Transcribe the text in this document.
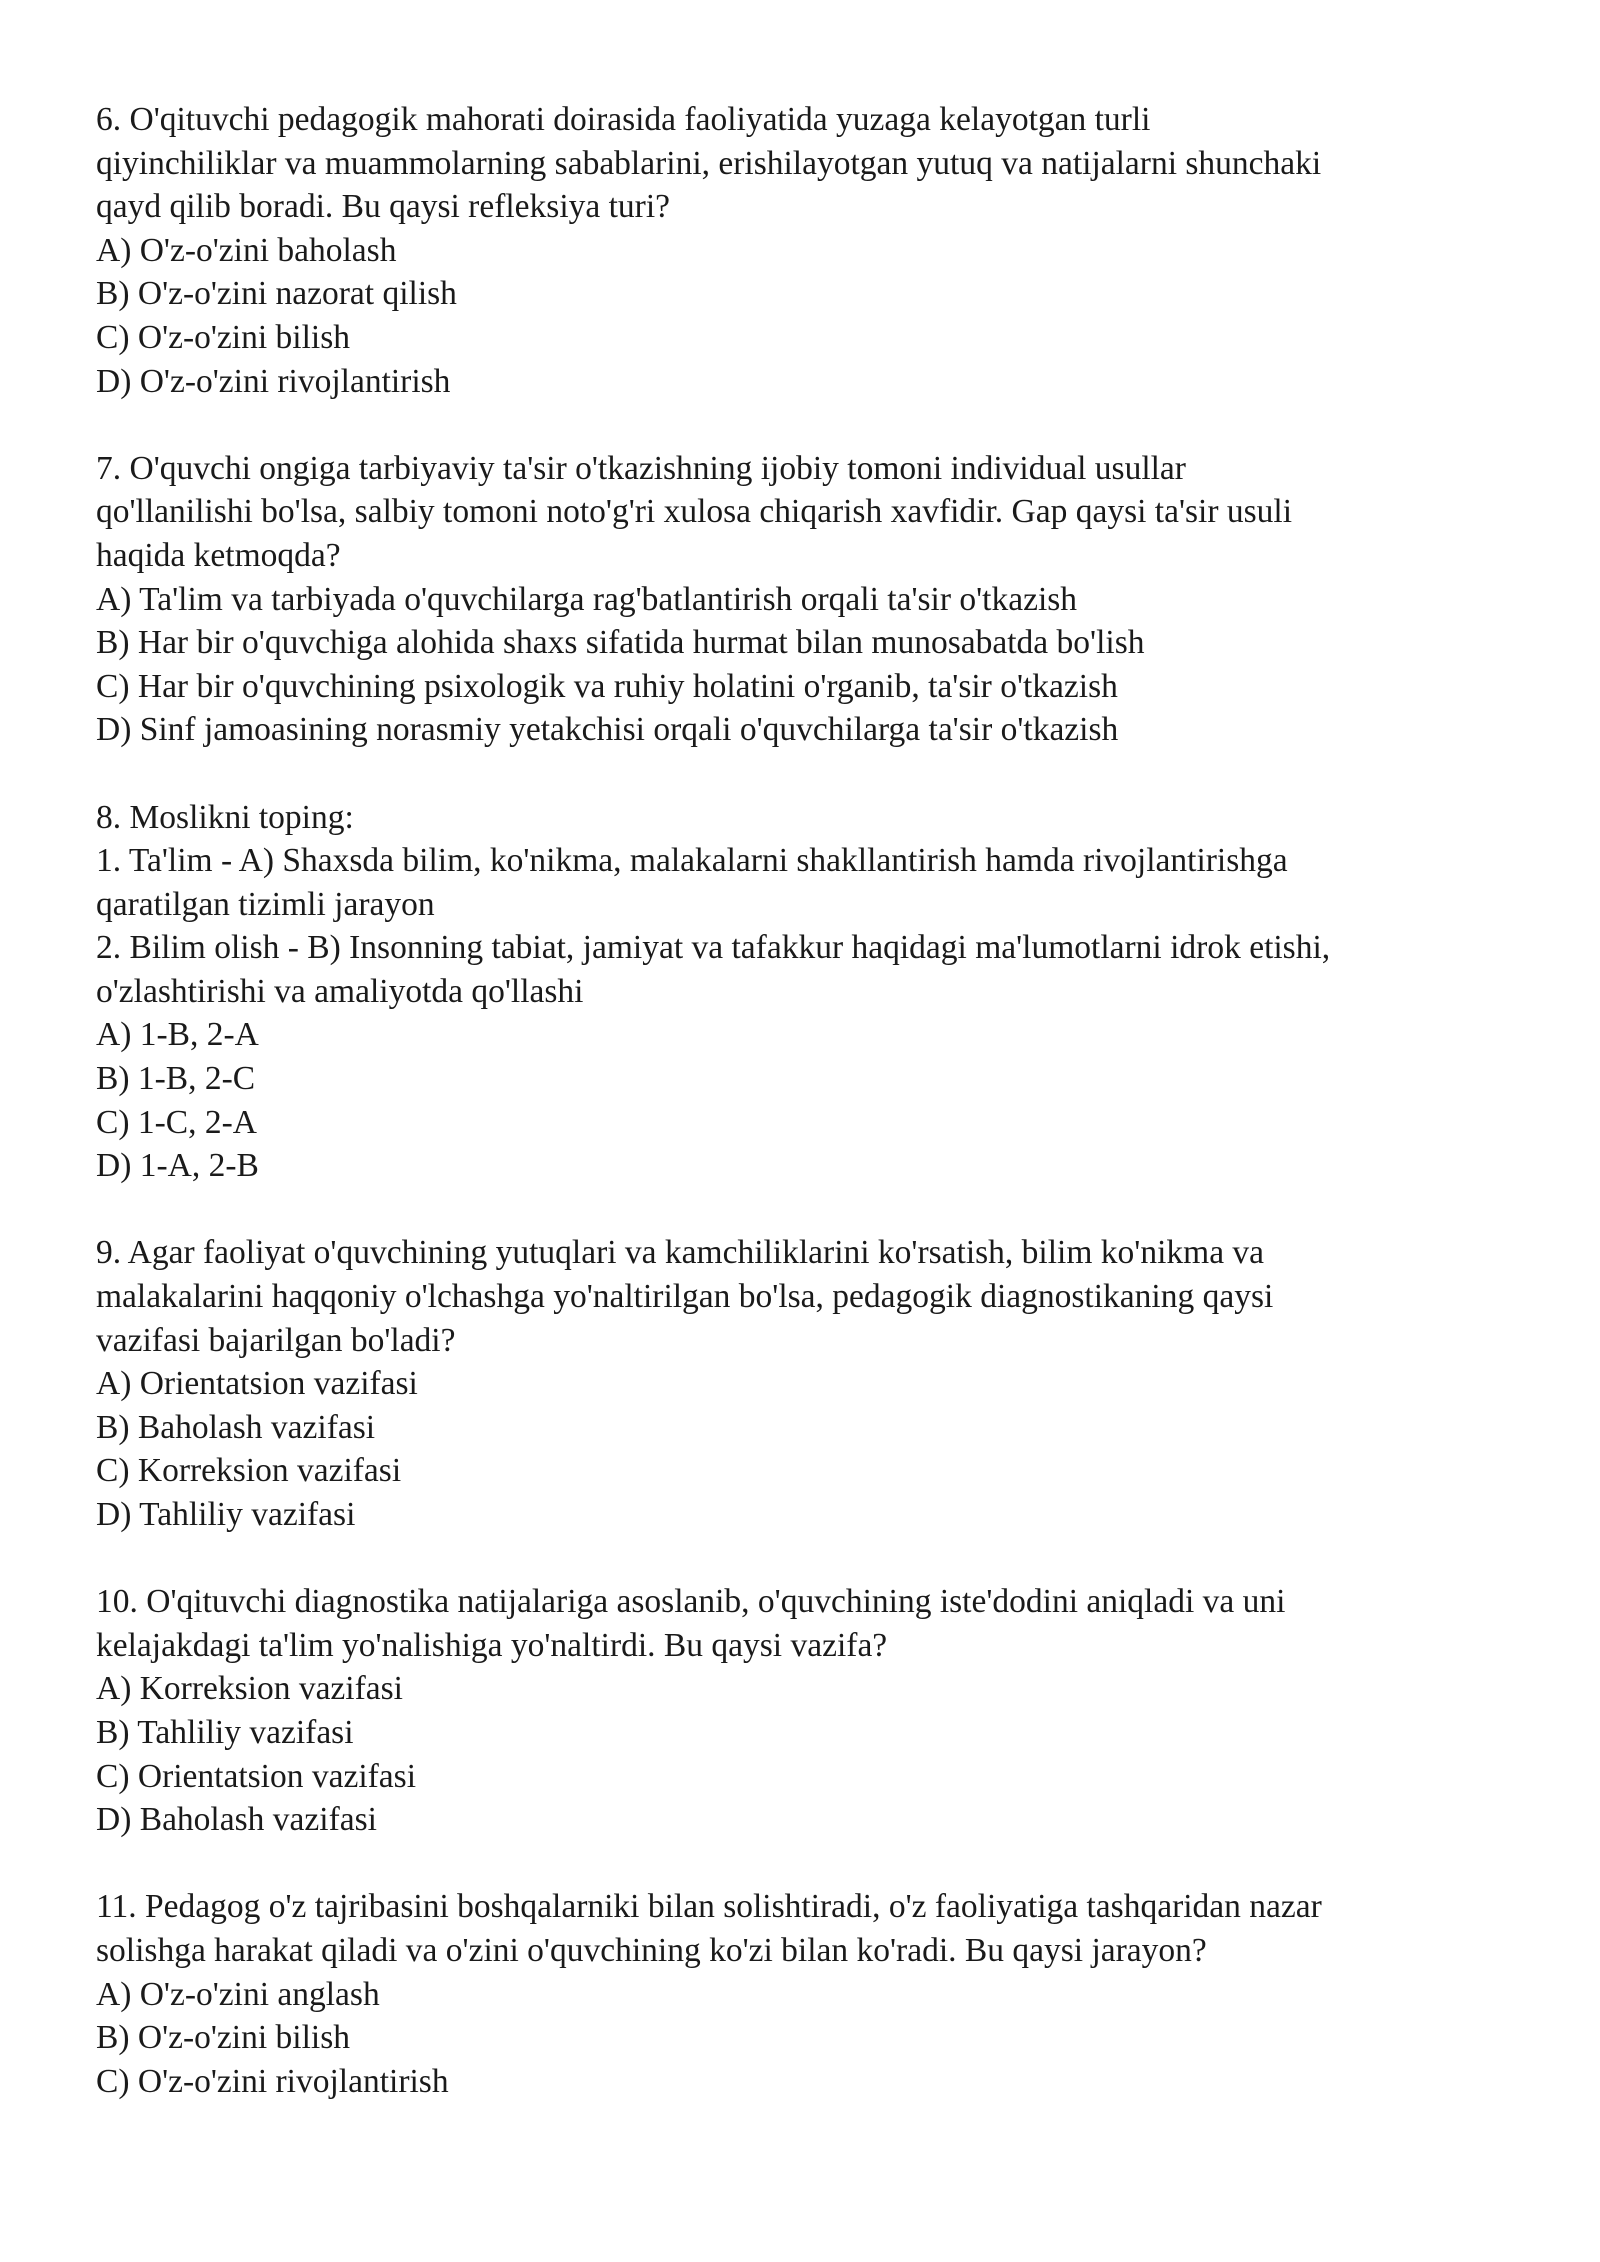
6. O'qituvchi pedagogik mahorati doirasida faoliyatida yuzaga kelayotgan turli
qiyinchiliklar va muammolarning sabablarini, erishilayotgan yutuq va natijalarni shunchaki
qayd qilib boradi. Bu qaysi refleksiya turi?
A) O'z-o'zini baholash
B) O'z-o'zini nazorat qilish
C) O'z-o'zini bilish
D) O'z-o'zini rivojlantirish
7. O'quvchi ongiga tarbiyaviy ta'sir o'tkazishning ijobiy tomoni individual usullar
qo'llanilishi bo'lsa, salbiy tomoni noto'g'ri xulosa chiqarish xavfidir. Gap qaysi ta'sir usuli
haqida ketmoqda?
A) Ta'lim va tarbiyada o'quvchilarga rag'batlantirish orqali ta'sir o'tkazish
B) Har bir o'quvchiga alohida shaxs sifatida hurmat bilan munosabatda bo'lish
C) Har bir o'quvchining psixologik va ruhiy holatini o'rganib, ta'sir o'tkazish
D) Sinf jamoasining norasmiy yetakchisi orqali o'quvchilarga ta'sir o'tkazish
8. Moslikni toping:
1. Ta'lim - A) Shaxsda bilim, ko'nikma, malakalarni shakllantirish hamda rivojlantirishga
qaratilgan tizimli jarayon
2. Bilim olish - B) Insonning tabiat, jamiyat va tafakkur haqidagi ma'lumotlarni idrok etishi,
o'zlashtirishi va amaliyotda qo'llashi
A) 1-B, 2-A
B) 1-B, 2-C
C) 1-C, 2-A
D) 1-A, 2-B
9. Agar faoliyat o'quvchining yutuqlari va kamchiliklarini ko'rsatish, bilim ko'nikma va
malakalarini haqqoniy o'lchashga yo'naltirilgan bo'lsa, pedagogik diagnostikaning qaysi
vazifasi bajarilgan bo'ladi?
A) Orientatsion vazifasi
B) Baholash vazifasi
C) Korreksion vazifasi
D) Tahliliy vazifasi
10. O'qituvchi diagnostika natijalariga asoslanib, o'quvchining iste'dodini aniqladi va uni
kelajakdagi ta'lim yo'nalishiga yo'naltirdi. Bu qaysi vazifa?
A) Korreksion vazifasi
B) Tahliliy vazifasi
C) Orientatsion vazifasi
D) Baholash vazifasi
11. Pedagog o'z tajribasini boshqalarniki bilan solishtiradi, o'z faoliyatiga tashqaridan nazar
solishga harakat qiladi va o'zini o'quvchining ko'zi bilan ko'radi. Bu qaysi jarayon?
A) O'z-o'zini anglash
B) O'z-o'zini bilish
C) O'z-o'zini rivojlantirish
